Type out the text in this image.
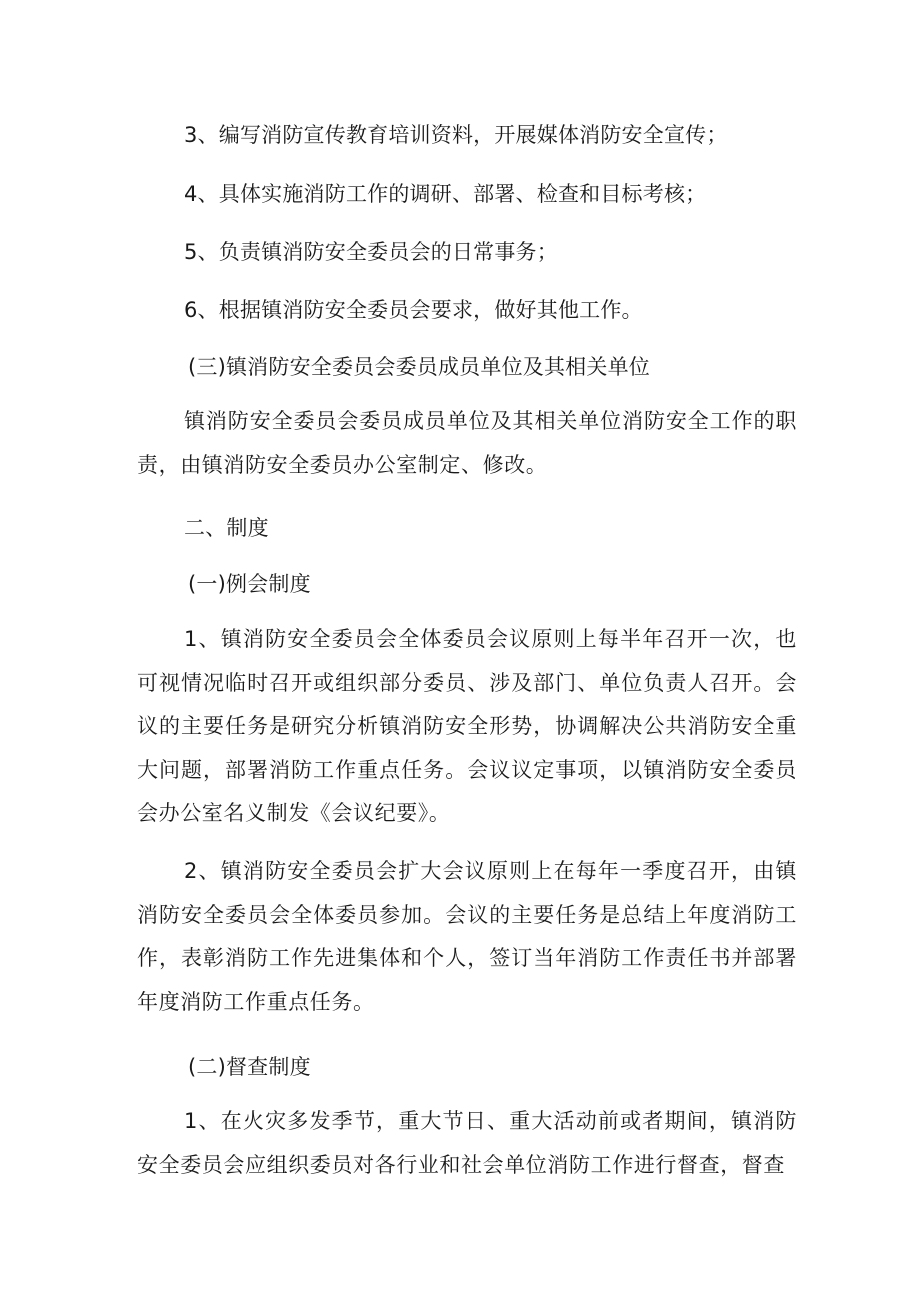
3、编写消防宣传教育培训资料，开展媒体消防安全宣传；
4、具体实施消防工作的调研、部署、检查和目标考核；
5、负责镇消防安全委员会的日常事务；
6、根据镇消防安全委员会要求，做好其他工作。
(三)镇消防安全委员会委员成员单位及其相关单位
镇消防安全委员会委员成员单位及其相关单位消防安全工作的职责，由镇消防安全委员办公室制定、修改。
二、制度
(一)例会制度
1、镇消防安全委员会全体委员会议原则上每半年召开一次，也可视情况临时召开或组织部分委员、涉及部门、单位负责人召开。会议的主要任务是研究分析镇消防安全形势，协调解决公共消防安全重大问题，部署消防工作重点任务。会议议定事项，以镇消防安全委员会办公室名义制发《会议纪要》。
2、镇消防安全委员会扩大会议原则上在每年一季度召开，由镇消防安全委员会全体委员参加。会议的主要任务是总结上年度消防工作，表彰消防工作先进集体和个人，签订当年消防工作责任书并部署年度消防工作重点任务。
(二)督查制度
1、在火灾多发季节，重大节日、重大活动前或者期间，镇消防安全委员会应组织委员对各行业和社会单位消防工作进行督查，督查
